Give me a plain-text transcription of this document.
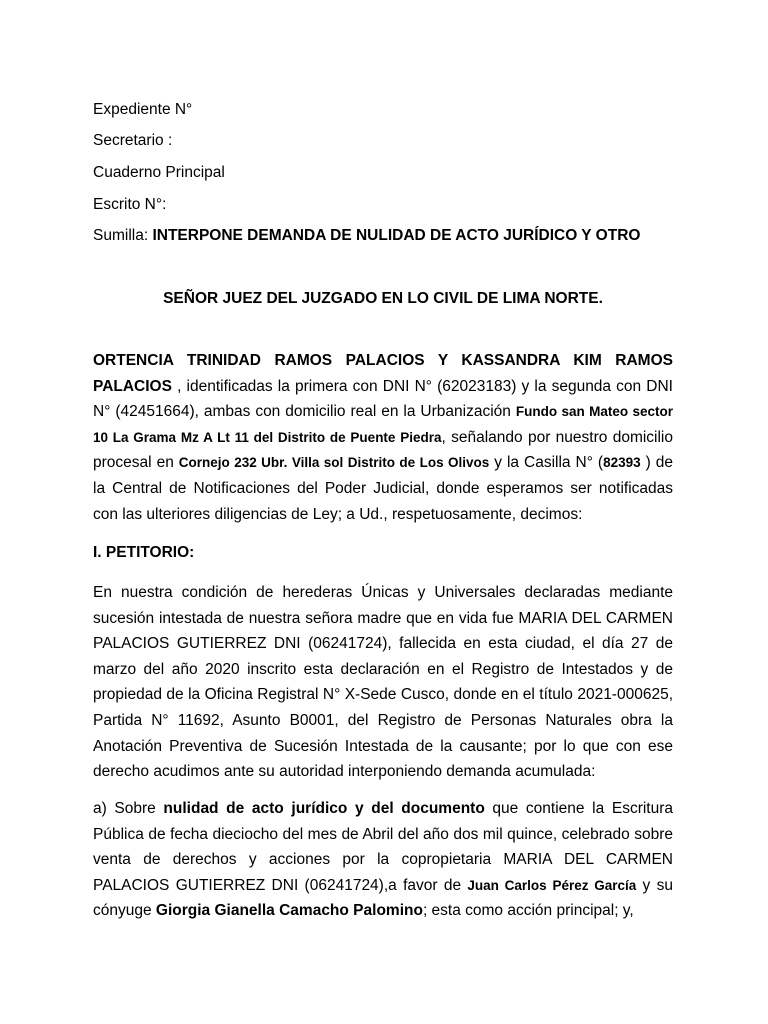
Expediente N°

Secretario :

Cuaderno Principal

Escrito N°:

Sumilla: INTERPONE DEMANDA DE NULIDAD DE ACTO JURÍDICO Y OTRO

SEÑOR JUEZ DEL JUZGADO EN LO CIVIL DE LIMA NORTE.

ORTENCIA TRINIDAD RAMOS PALACIOS Y KASSANDRA KIM RAMOS PALACIOS , identificadas la primera con DNI N° (62023183) y la segunda con DNI N° (42451664), ambas con domicilio real en la Urbanización Fundo san Mateo sector 10 La Grama Mz A Lt 11 del Distrito de Puente Piedra, señalando por nuestro domicilio procesal en Cornejo 232 Ubr. Villa sol Distrito de Los Olivos y la Casilla N° (82393 ) de la Central de Notificaciones del Poder Judicial, donde esperamos ser notificadas con las ulteriores diligencias de Ley; a Ud., respetuosamente, decimos:

I. PETITORIO:

En nuestra condición de herederas Únicas y Universales declaradas mediante sucesión intestada de nuestra señora madre que en vida fue MARIA DEL CARMEN PALACIOS GUTIERREZ DNI (06241724), fallecida en esta ciudad, el día 27 de marzo del año 2020 inscrito esta declaración en el Registro de Intestados y de propiedad de la Oficina Registral N° X-Sede Cusco, donde en el título 2021-000625, Partida N° 11692, Asunto B0001, del Registro de Personas Naturales obra la Anotación Preventiva de Sucesión Intestada de la causante; por lo que con ese derecho acudimos ante su autoridad interponiendo demanda acumulada:

a) Sobre nulidad de acto jurídico y del documento que contiene la Escritura Pública de fecha dieciocho del mes de Abril del año dos mil quince, celebrado sobre venta de derechos y acciones por la copropietaria MARIA DEL CARMEN PALACIOS GUTIERREZ DNI (06241724),a favor de Juan Carlos Pérez García y su cónyuge Giorgia Gianella Camacho Palomino; esta como acción principal; y,
